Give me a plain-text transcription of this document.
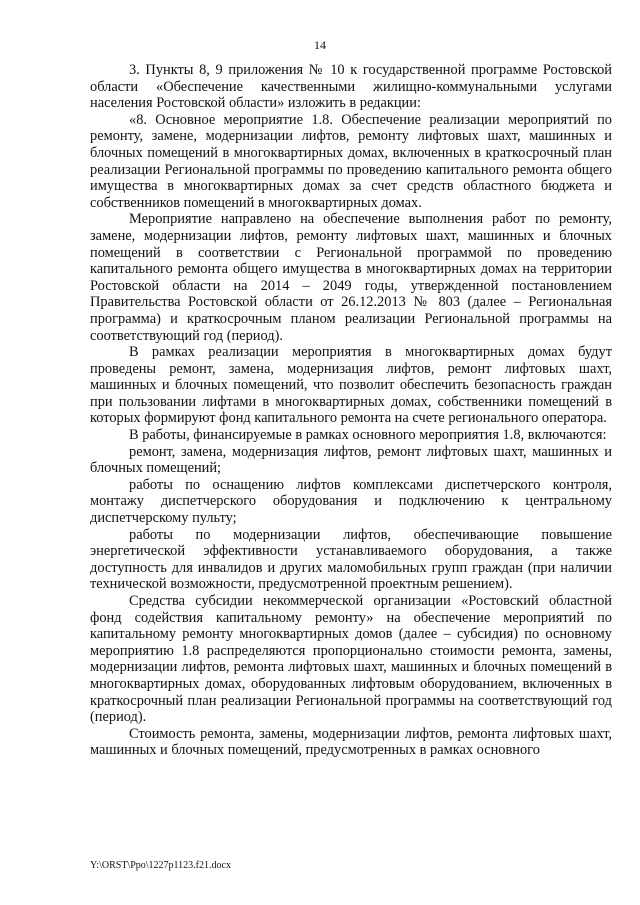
14

3. Пункты 8, 9 приложения № 10 к государственной программе Ростовской области «Обеспечение качественными жилищно-коммунальными услугами населения Ростовской области» изложить в редакции:

«8. Основное мероприятие 1.8. Обеспечение реализации мероприятий по ремонту, замене, модернизации лифтов, ремонту лифтовых шахт, машинных и блочных помещений в многоквартирных домах, включенных в краткосрочный план реализации Региональной программы по проведению капитального ремонта общего имущества в многоквартирных домах за счет средств областного бюджета и собственников помещений в многоквартирных домах.

Мероприятие направлено на обеспечение выполнения работ по ремонту, замене, модернизации лифтов, ремонту лифтовых шахт, машинных и блочных помещений в соответствии с Региональной программой по проведению капитального ремонта общего имущества в многоквартирных домах на территории Ростовской области на 2014 – 2049 годы, утвержденной постановлением Правительства Ростовской области от 26.12.2013 № 803 (далее – Региональная программа) и краткосрочным планом реализации Региональной программы на соответствующий год (период).

В рамках реализации мероприятия в многоквартирных домах будут проведены ремонт, замена, модернизация лифтов, ремонт лифтовых шахт, машинных и блочных помещений, что позволит обеспечить безопасность граждан при пользовании лифтами в многоквартирных домах, собственники помещений в которых формируют фонд капитального ремонта на счете регионального оператора.

В работы, финансируемые в рамках основного мероприятия 1.8, включаются:

ремонт, замена, модернизация лифтов, ремонт лифтовых шахт, машинных и блочных помещений;

работы по оснащению лифтов комплексами диспетчерского контроля, монтажу диспетчерского оборудования и подключению к центральному диспетчерскому пульту;

работы по модернизации лифтов, обеспечивающие повышение энергетической эффективности устанавливаемого оборудования, а также доступность для инвалидов и других маломобильных групп граждан (при наличии технической возможности, предусмотренной проектным решением).

Средства субсидии некоммерческой организации «Ростовский областной фонд содействия капитальному ремонту» на обеспечение мероприятий по капитальному ремонту многоквартирных домов (далее – субсидия) по основному мероприятию 1.8 распределяются пропорционально стоимости ремонта, замены, модернизации лифтов, ремонта лифтовых шахт, машинных и блочных помещений в многоквартирных домах, оборудованных лифтовым оборудованием, включенных в краткосрочный план реализации Региональной программы на соответствующий год (период).

Стоимость ремонта, замены, модернизации лифтов, ремонта лифтовых шахт, машинных и блочных помещений, предусмотренных в рамках основного

Y:\ORST\Ppo\1227p1123.f21.docx
